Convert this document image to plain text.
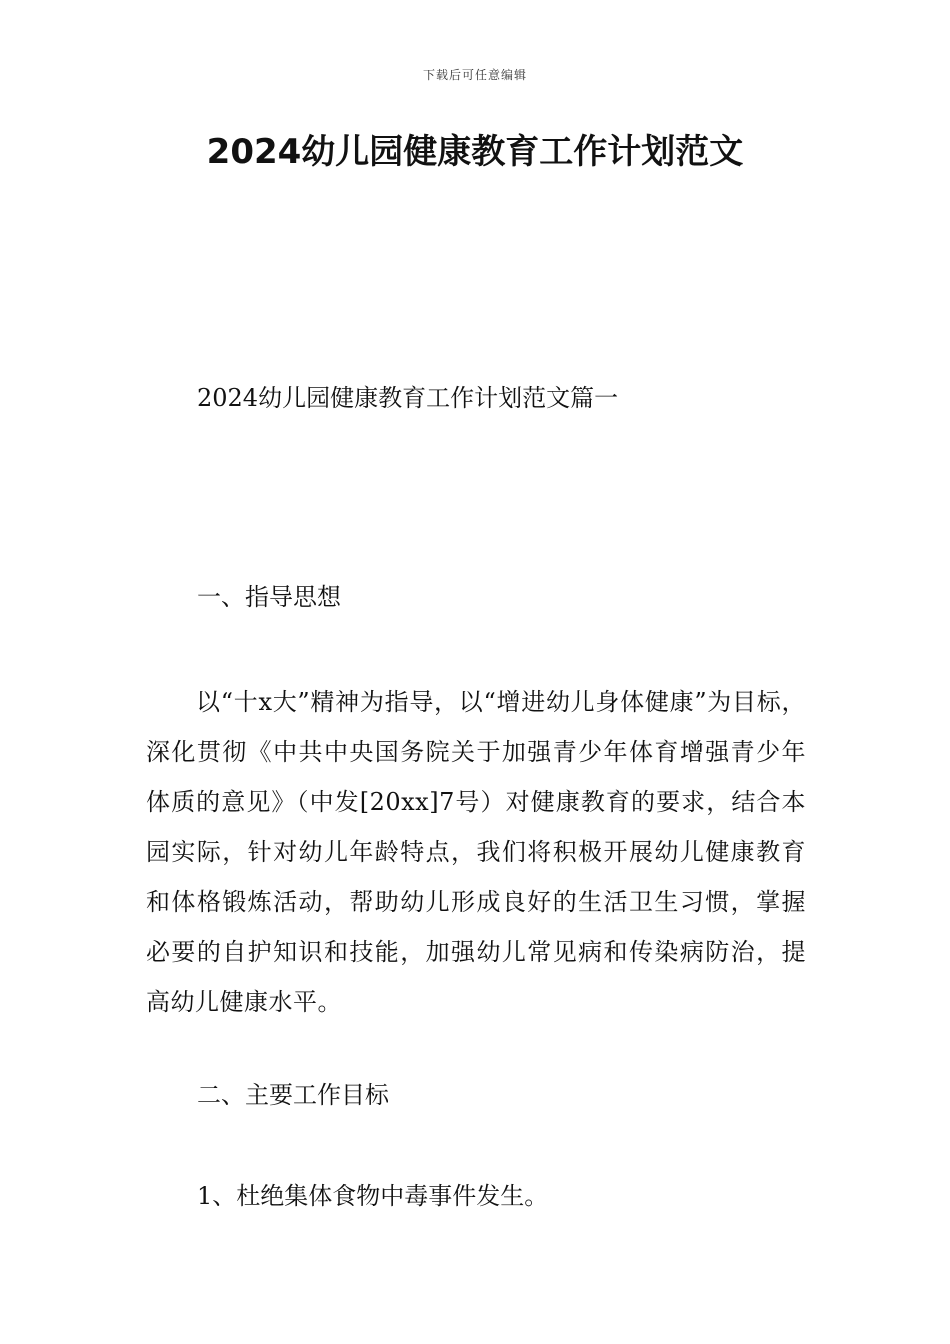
下载后可任意编辑
2024幼儿园健康教育工作计划范文

2024幼儿园健康教育工作计划范文篇一

一、指导思想

以“十x大”精神为指导，以“增进幼儿身体健康”为目标，深化贯彻《中共中央国务院关于加强青少年体育增强青少年体质的意见》（中发[20xx]7号）对健康教育的要求，结合本园实际，针对幼儿年龄特点，我们将积极开展幼儿健康教育和体格锻炼活动，帮助幼儿形成良好的生活卫生习惯，掌握必要的自护知识和技能，加强幼儿常见病和传染病防治，提高幼儿健康水平。

二、主要工作目标

1、杜绝集体食物中毒事件发生。
